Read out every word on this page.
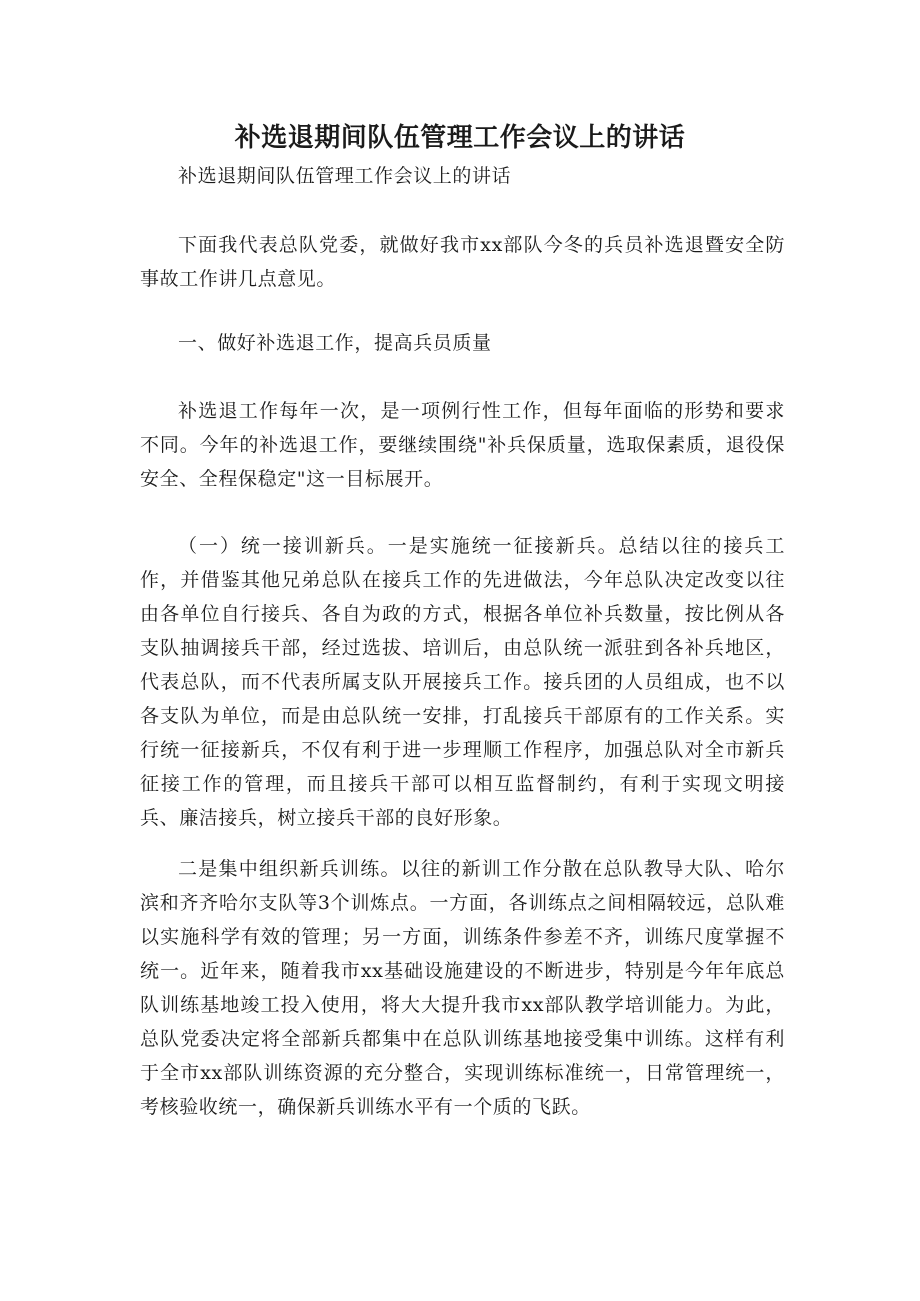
补选退期间队伍管理工作会议上的讲话

补选退期间队伍管理工作会议上的讲话

下面我代表总队党委，就做好我市xx部队今冬的兵员补选退暨安全防事故工作讲几点意见。

一、做好补选退工作，提高兵员质量

补选退工作每年一次，是一项例行性工作，但每年面临的形势和要求不同。今年的补选退工作，要继续围绕"补兵保质量，选取保素质，退役保安全、全程保稳定"这一目标展开。

（一）统一接训新兵。一是实施统一征接新兵。总结以往的接兵工作，并借鉴其他兄弟总队在接兵工作的先进做法，今年总队决定改变以往由各单位自行接兵、各自为政的方式，根据各单位补兵数量，按比例从各支队抽调接兵干部，经过选拔、培训后，由总队统一派驻到各补兵地区，代表总队，而不代表所属支队开展接兵工作。接兵团的人员组成，也不以各支队为单位，而是由总队统一安排，打乱接兵干部原有的工作关系。实行统一征接新兵，不仅有利于进一步理顺工作程序，加强总队对全市新兵征接工作的管理，而且接兵干部可以相互监督制约，有利于实现文明接兵、廉洁接兵，树立接兵干部的良好形象。

二是集中组织新兵训练。以往的新训工作分散在总队教导大队、哈尔滨和齐齐哈尔支队等3个训炼点。一方面，各训练点之间相隔较远，总队难以实施科学有效的管理；另一方面，训练条件参差不齐，训练尺度掌握不统一。近年来，随着我市xx基础设施建设的不断进步，特别是今年年底总队训练基地竣工投入使用，将大大提升我市xx部队教学培训能力。为此，总队党委决定将全部新兵都集中在总队训练基地接受集中训练。这样有利于全市xx部队训练资源的充分整合，实现训练标准统一，日常管理统一，考核验收统一，确保新兵训练水平有一个质的飞跃。
